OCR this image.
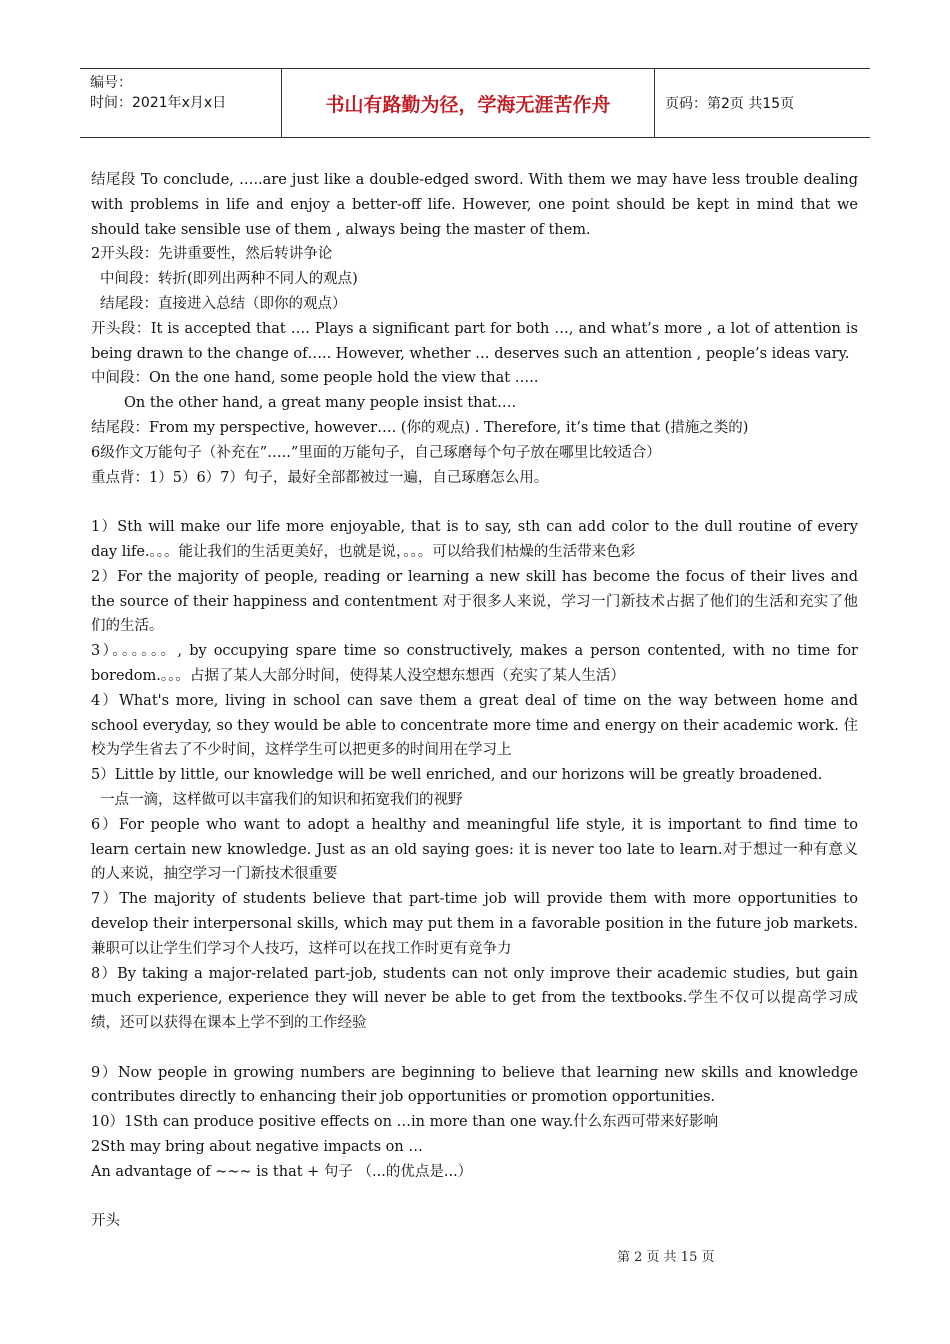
编号：
时间：2021年x月x日	书山有路勤为径，学海无涯苦作舟	页码：第2页 共15页

结尾段 To conclude, …..are just like a double-edged sword. With them we may have less trouble dealing with problems in life and enjoy a better-off life. However, one point should be kept in mind that we should take sensible use of them , always being the master of them.

2开头段：先讲重要性，然后转讲争论

中间段：转折(即列出两种不同人的观点)

结尾段：直接进入总结（即你的观点）

开头段：It is accepted that …. Plays a significant part for both …, and what’s more , a lot of attention is being drawn to the change of….. However, whether … deserves such an attention , people’s ideas vary.

中间段：On the one hand, some people hold the view that …..

On the other hand, a great many people insist that….

结尾段：From my perspective, however…. (你的观点) . Therefore, it’s time that (措施之类的)

6级作文万能句子（补充在”…..”里面的万能句子，自己琢磨每个句子放在哪里比较适合）

重点背：1）5）6）7）句子，最好全部都被过一遍，自己琢磨怎么用。

1）Sth will make our life more enjoyable, that is to say, sth can add color to the dull routine of every day life.。。。能让我们的生活更美好，也就是说，。。。可以给我们枯燥的生活带来色彩

2）For the majority of people, reading or learning a new skill has become the focus of their lives and the source of their happiness and contentment 对于很多人来说，学习一门新技术占据了他们的生活和充实了他们的生活。

3）。。。。。。, by occupying spare time so constructively, makes a person contented, with no time for boredom.。。。占据了某人大部分时间，使得某人没空想东想西（充实了某人生活）

4）What's more, living in school can save them a great deal of time on the way between home and school everyday, so they would be able to concentrate more time and energy on their academic work. 住校为学生省去了不少时间，这样学生可以把更多的时间用在学习上

5）Little by little, our knowledge will be well enriched, and our horizons will be greatly broadened.

一点一滴，这样做可以丰富我们的知识和拓宽我们的视野

6）For people who want to adopt a healthy and meaningful life style, it is important to find time to learn certain new knowledge. Just as an old saying goes: it is never too late to learn.对于想过一种有意义的人来说，抽空学习一门新技术很重要

7）The majority of students believe that part-time job will provide them with more opportunities to develop their interpersonal skills, which may put them in a favorable position in the future job markets.兼职可以让学生们学习个人技巧，这样可以在找工作时更有竞争力

8）By taking a major-related part-job, students can not only improve their academic studies, but gain much experience, experience they will never be able to get from the textbooks.学生不仅可以提高学习成绩，还可以获得在课本上学不到的工作经验

9）Now people in growing numbers are beginning to believe that learning new skills and knowledge contributes directly to enhancing their job opportunities or promotion opportunities.

10）1Sth can produce positive effects on …in more than one way.什么东西可带来好影响

2Sth may bring about negative impacts on …

An advantage of ~~~ is that + 句子 （...的优点是...）

开头

第 2 页 共 15 页
